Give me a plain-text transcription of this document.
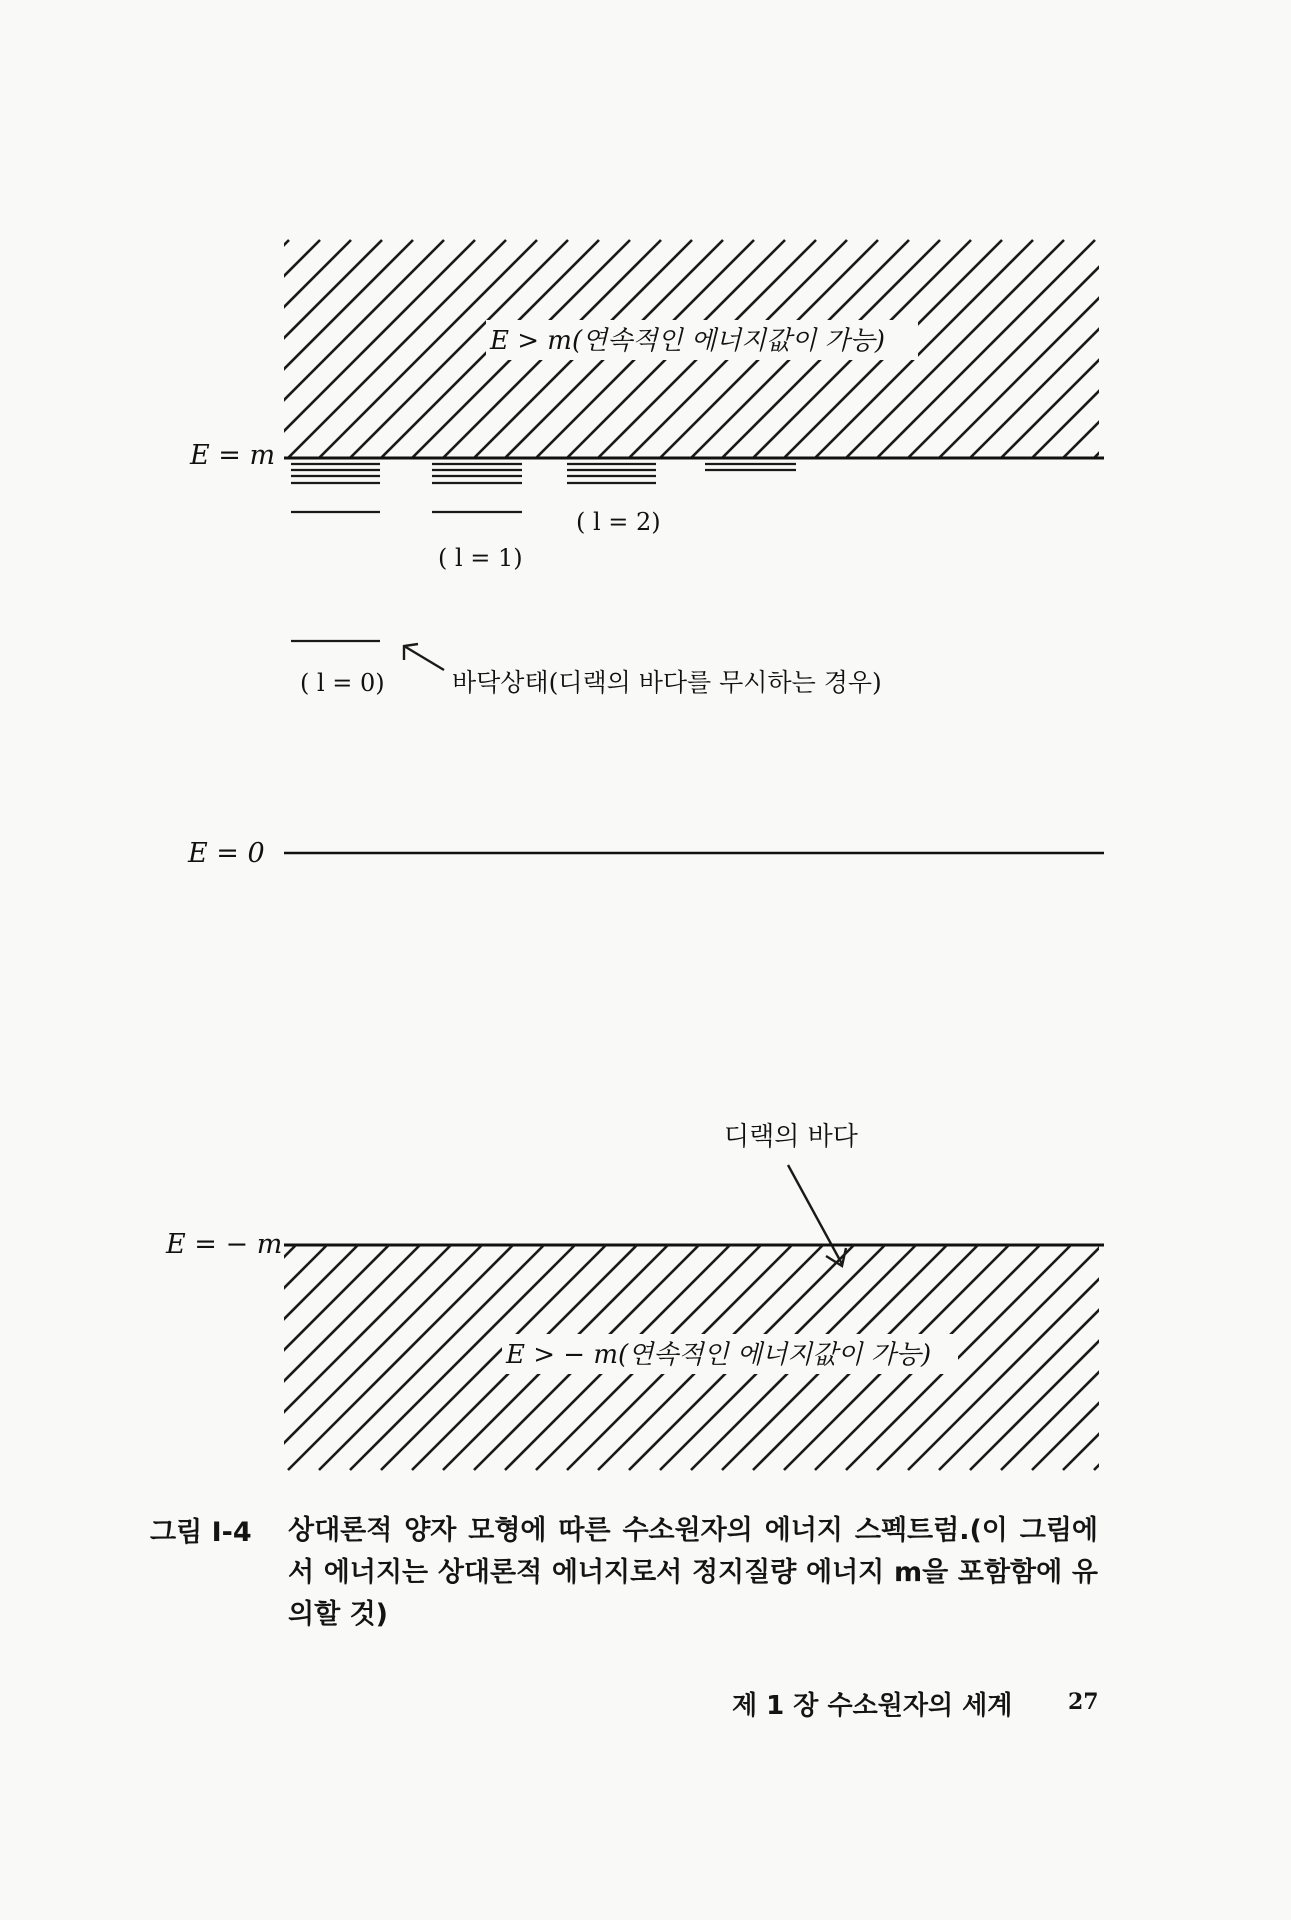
E > m(연속적인 에너지값이 가능)
E = m
( l = 2)
( l = 1)
( l = 0)	바닥상태(디랙의 바다를 무시하는 경우)
E = 0
디랙의 바다
E > − m(연속적인 에너지값이 가능)
E = − m
그림 I-4 상대론적 양자 모형에 따른 수소원자의 에너지 스펙트럼.(이 그림에서 에너지는 상대론적 에너지로서 정지질량 에너지 m을 포함함에 유의할 것)
제 1 장 수소원자의 세계	27
